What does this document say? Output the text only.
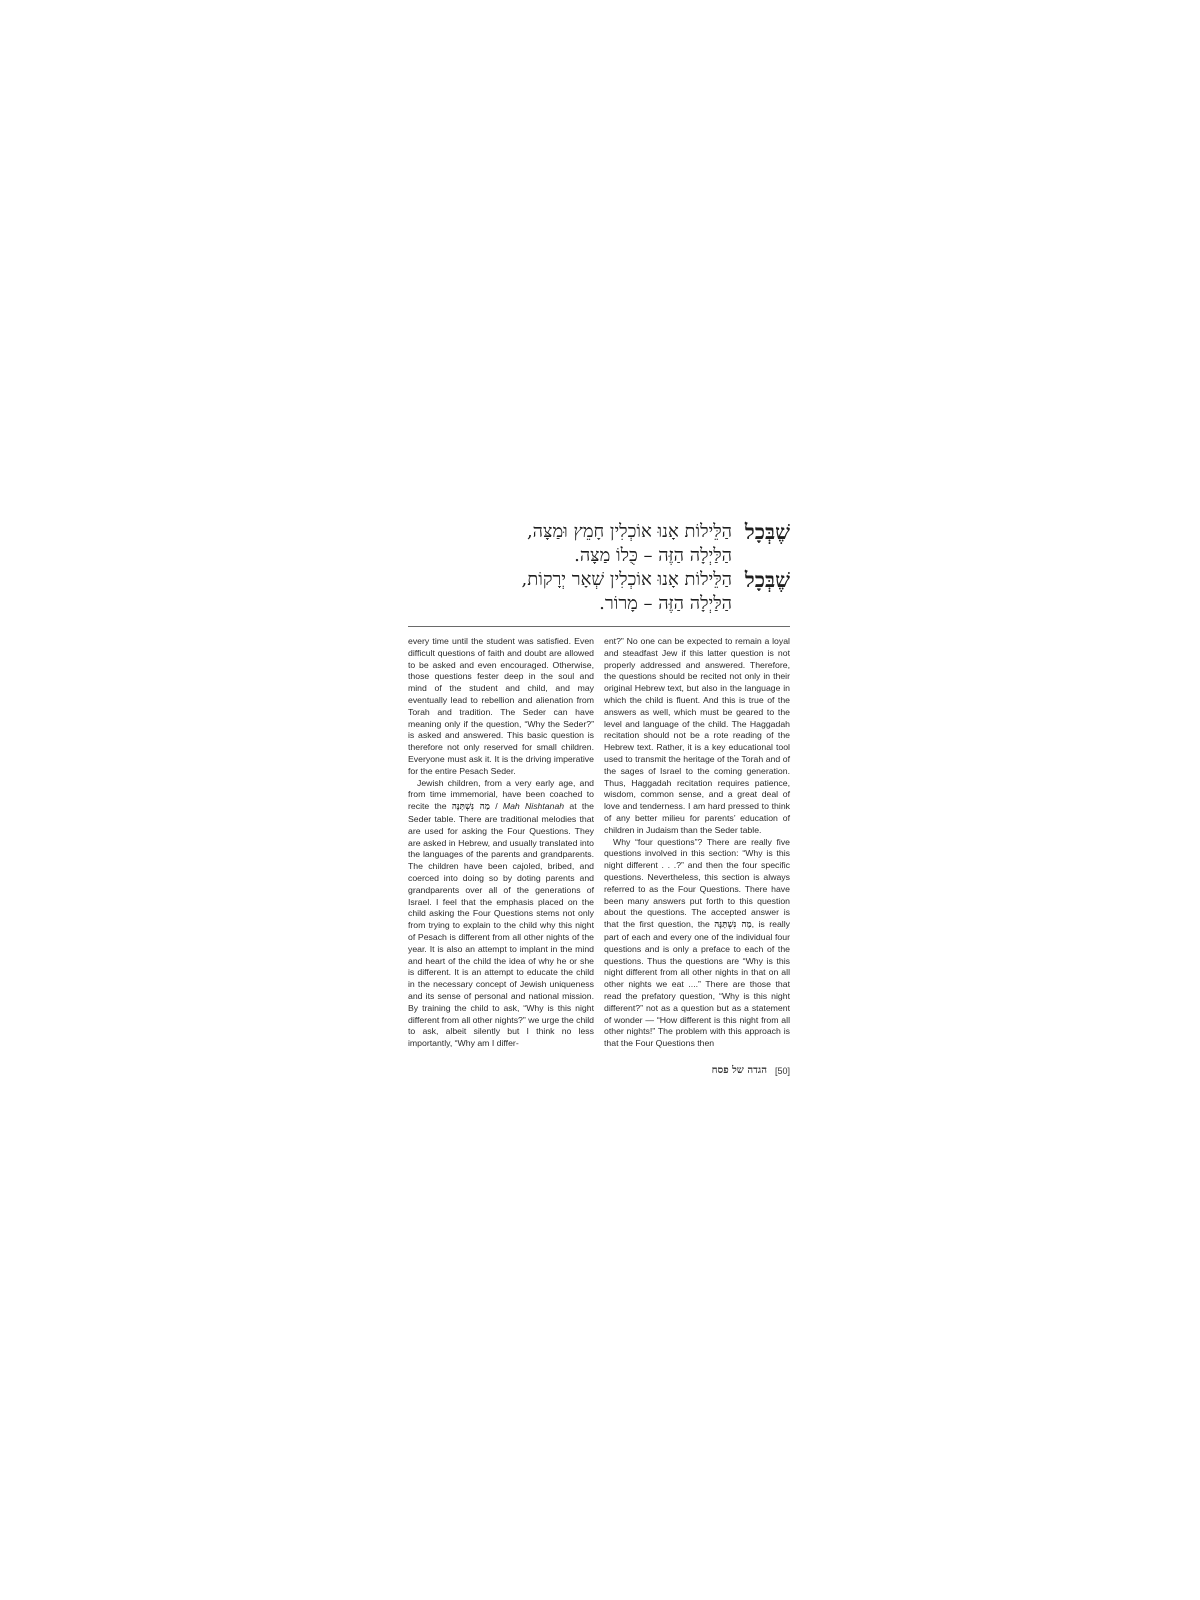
שֶׁבְּכָל
הַלֵּילוֹת אָנוּ אוֹכְלִין חָמֵץ וּמַצָּה,
הַלַּיְלָה הַזֶּה – כֻּלוֹ מַצָּה.
שֶׁבְּכָל
הַלֵּילוֹת אָנוּ אוֹכְלִין שְׁאָר יְרָקוֹת,
הַלַּיְלָה הַזֶּה – מָרוֹר.

every time until the student was satisfied. Even difficult questions of faith and doubt are allowed to be asked and even encouraged. Otherwise, those questions fester deep in the soul and mind of the student and child, and may eventually lead to rebellion and alienation from Torah and tradition. The Seder can have meaning only if the question, “Why the Seder?” is asked and answered. This basic question is therefore not only reserved for small children. Everyone must ask it. It is the driving imperative for the entire Pesach Seder.

Jewish children, from a very early age, and from time immemorial, have been coached to recite the מַה נִּשְׁתַּנָּה / Mah Nishtanah at the Seder table. There are traditional melodies that are used for asking the Four Questions. They are asked in Hebrew, and usually translated into the languages of the parents and grandparents. The children have been cajoled, bribed, and coerced into doing so by doting parents and grandparents over all of the generations of Israel. I feel that the emphasis placed on the child asking the Four Questions stems not only from trying to explain to the child why this night of Pesach is different from all other nights of the year. It is also an attempt to implant in the mind and heart of the child the idea of why he or she is different. It is an attempt to educate the child in the necessary concept of Jewish uniqueness and its sense of personal and national mission. By training the child to ask, “Why is this night different from all other nights?” we urge the child to ask, albeit silently but I think no less importantly, “Why am I differ-

ent?” No one can be expected to remain a loyal and steadfast Jew if this latter question is not properly addressed and answered. Therefore, the questions should be recited not only in their original Hebrew text, but also in the language in which the child is fluent. And this is true of the answers as well, which must be geared to the level and language of the child. The Haggadah recitation should not be a rote reading of the Hebrew text. Rather, it is a key educational tool used to transmit the heritage of the Torah and of the sages of Israel to the coming generation. Thus, Haggadah recitation requires patience, wisdom, common sense, and a great deal of love and tenderness. I am hard pressed to think of any better milieu for parents’ education of children in Judaism than the Seder table.

Why “four questions”? There are really five questions involved in this section: “Why is this night different . . .?” and then the four specific questions. Nevertheless, this section is always referred to as the Four Questions. There have been many answers put forth to this question about the questions. The accepted answer is that the first question, the מַה נִּשְׁתַּנָּה, is really part of each and every one of the individual four questions and is only a preface to each of the questions. Thus the questions are “Why is this night different from all other nights in that on all other nights we eat ....” There are those that read the prefatory question, “Why is this night different?” not as a question but as a statement of wonder — “How different is this night from all other nights!” The problem with this approach is that the Four Questions then

הגדה של פסח [50]
